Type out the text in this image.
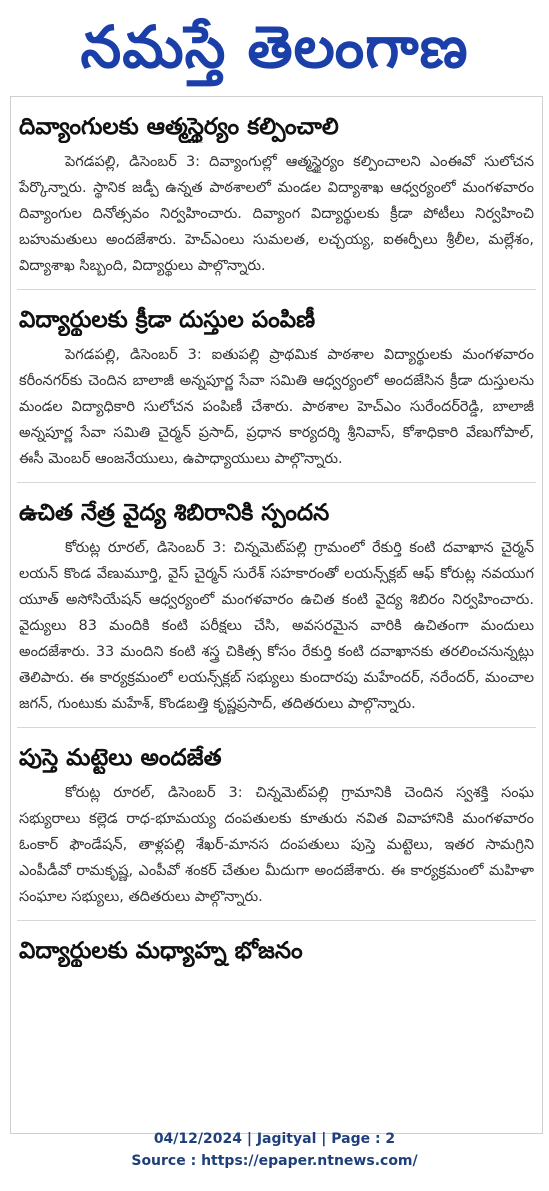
నమస్తే తెలంగాణ
దివ్యాంగులకు ఆత్మస్థైర్యం కల్పించాలి

పెగడపల్లి, డిసెంబర్ 3: దివ్యాంగుల్లో ఆత్మస్థైర్యం కల్పించాలని ఎంఈవో సులోచన పేర్కొన్నారు. స్థానిక జడ్పీ ఉన్నత పాఠశాలలో మండల విద్యాశాఖ ఆధ్వర్యంలో మంగళవారం దివ్యాంగుల దినోత్సవం నిర్వహించారు. దివ్యాంగ విద్యార్థులకు క్రీడా పోటీలు నిర్వహించి బహుమతులు అందజేశారు. హెచ్‌ఎంలు సుమలత, లచ్చయ్య, ఐఈర్పీలు శ్రీలీల, మల్లేశం, విద్యాశాఖ సిబ్బంది, విద్యార్థులు పాల్గొన్నారు.

విద్యార్థులకు క్రీడా దుస్తుల పంపిణీ

పెగడపల్లి, డిసెంబర్ 3: ఐతుపల్లి ప్రాథమిక పాఠశాల విద్యార్థులకు మంగళవారం కరీంనగర్‌కు చెందిన బాలాజీ అన్నపూర్ణ సేవా సమితి ఆధ్వర్యంలో అందజేసిన క్రీడా దుస్తులను మండల విద్యాధికారి సులోచన పంపిణీ చేశారు. పాఠశాల హెచ్‌ఎం సురేందర్‌రెడ్డి, బాలాజీ అన్నపూర్ణ సేవా సమితి చైర్మన్ ప్రసాద్, ప్రధాన కార్యదర్శి శ్రీనివాస్, కోశాధికారి వేణుగోపాల్, ఈసీ మెంబర్ ఆంజనేయులు, ఉపాధ్యాయులు పాల్గొన్నారు.

ఉచిత నేత్ర వైద్య శిబిరానికి స్పందన

కోరుట్ల రూరల్, డిసెంబర్ 3: చిన్నమెట్‌పల్లి గ్రామంలో రేకుర్తి కంటి దవాఖాన చైర్మన్ లయన్ కొండ వేణుమూర్తి, వైస్ చైర్మన్ సురేశ్ సహకారంతో లయన్స్‌క్లబ్ ఆఫ్ కోరుట్ల నవయుగ యూత్ అసోసియేషన్ ఆధ్వర్యంలో మంగళవారం ఉచిత కంటి వైద్య శిబిరం నిర్వహించారు. వైద్యులు 83 మందికి కంటి పరీక్షలు చేసి, అవసరమైన వారికి ఉచితంగా మందులు అందజేశారు. 33 మందిని కంటి శస్త్ర చికిత్స కోసం రేకుర్తి కంటి దవాఖానకు తరలించనున్నట్లు తెలిపారు. ఈ కార్యక్రమంలో లయన్స్‌క్లబ్ సభ్యులు కుందారపు మహేందర్, నరేందర్, మంచాల జగన్, గుంటుకు మహేశ్, కొండబత్తి కృష్ణప్రసాద్, తదితరులు పాల్గొన్నారు.

పుస్తె మట్టెలు అందజేత

కోరుట్ల రూరల్, డిసెంబర్ 3: చిన్నమెట్‌పల్లి గ్రామానికి చెందిన స్వశక్తి సంఘ సభ్యురాలు కల్లెడ రాధ-భూమయ్య దంపతులకు కూతురు నవిత వివాహానికి మంగళవారం ఓంకార్ ఫౌండేషన్, తాళ్లపల్లి శేఖర్-మానస దంపతులు పుస్తె మట్టెలు, ఇతర సామగ్రిని ఎంపీడీవో రామకృష్ణ, ఎంపీవో శంకర్ చేతుల మీదుగా అందజేశారు. ఈ కార్యక్రమంలో మహిళా సంఘాల సభ్యులు, తదితరులు పాల్గొన్నారు.

విద్యార్థులకు మధ్యాహ్న భోజనం
04/12/2024 | Jagityal | Page : 2
Source : https://epaper.ntnews.com/
